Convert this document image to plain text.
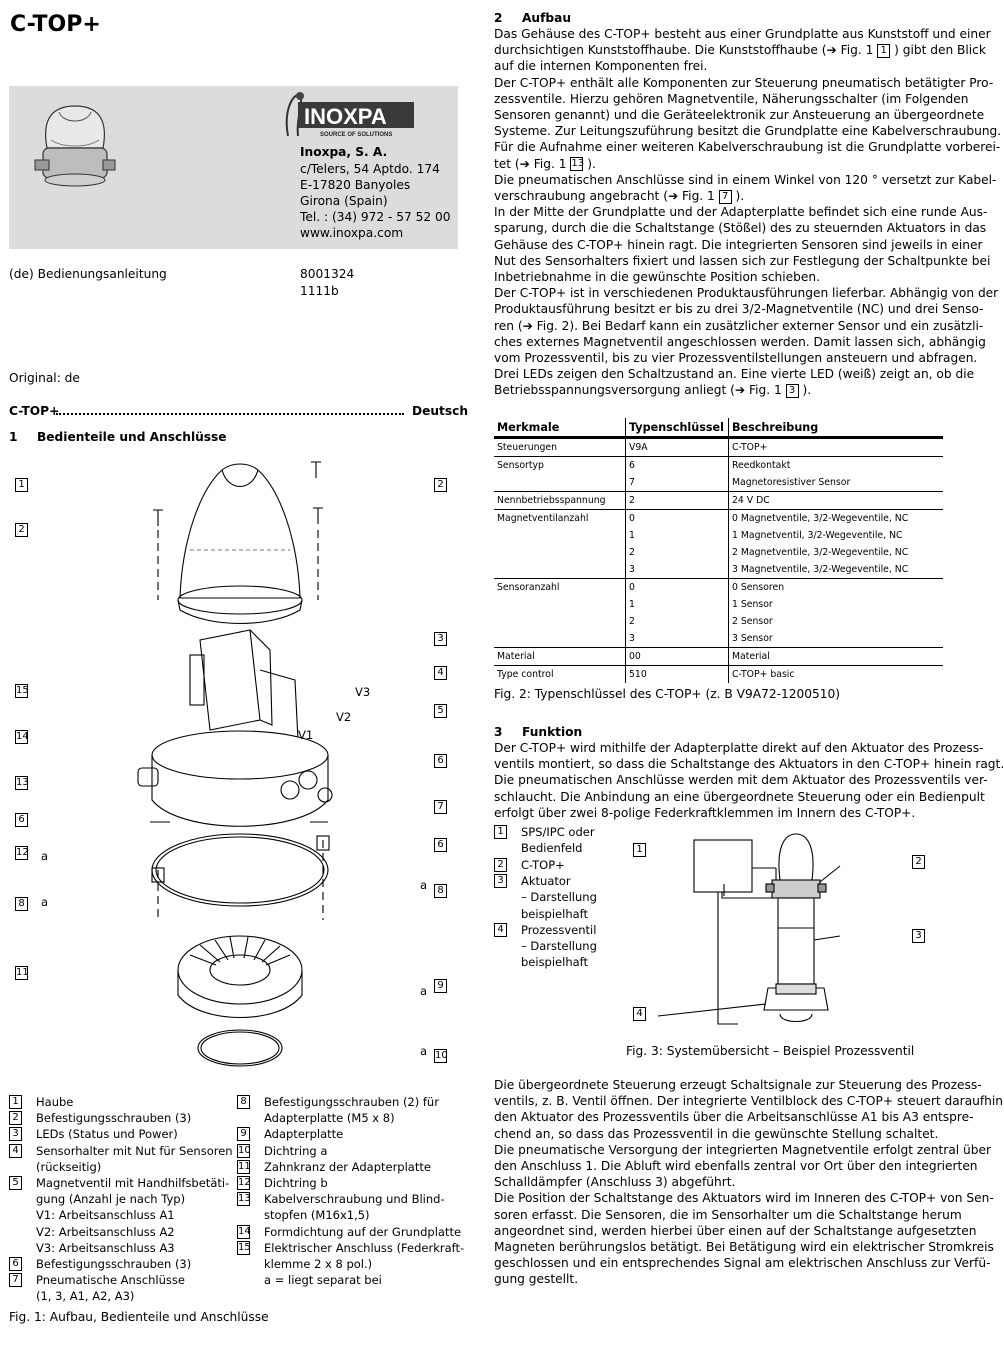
C-TOP+
INOXPA
SOURCE OF SOLUTIONS
Inoxpa, S. A.
c/Telers, 54 Aptdo. 174
E-17820 Banyoles
Girona (Spain)
Tel. : (34) 972 - 57 52 00
www.inoxpa.com
(de) Bedienungsanleitung	8001324
1111b
Original: de
C-TOP+	Deutsch
1 Bedienteile und Anschlüsse
1
2
15
14
13
6
12
8
11
a
a
2
3
4
5
6
7
6
8
9
10
a
a
a
V3
V2
V1
1 Haube
2 Befestigungsschrauben (3)
3 LEDs (Status und Power)
4 Sensorhalter mit Nut für Sensoren
(rückseitig)
5 Magnetventil mit Handhilfsbetäti-
gung (Anzahl je nach Typ)
V1: Arbeitsanschluss A1
V2: Arbeitsanschluss A2
V3: Arbeitsanschluss A3
6 Befestigungsschrauben (3)
7 Pneumatische Anschlüsse
(1, 3, A1, A2, A3)
8 Befestigungsschrauben (2) für
Adapterplatte (M5 x 8)
9 Adapterplatte
10 Dichtring a
11 Zahnkranz der Adapterplatte
12 Dichtring b
13 Kabelverschraubung und Blind-
stopfen (M16x1,5)
14 Formdichtung auf der Grundplatte
15 Elektrischer Anschluss (Federkraft-
klemme 2 x 8 pol.)
a = liegt separat bei
Fig. 1: Aufbau, Bedienteile und Anschlüsse
2 Aufbau
Das Gehäuse des C-TOP+ besteht aus einer Grundplatte aus Kunststoff und einer
durchsichtigen Kunststoffhaube. Die Kunststoffhaube (➔ Fig. 1 1 ) gibt den Blick
auf die internen Komponenten frei.
Der C-TOP+ enthält alle Komponenten zur Steuerung pneumatisch betätigter Pro-
zessventile. Hierzu gehören Magnetventile, Näherungsschalter (im Folgenden
Sensoren genannt) und die Geräteelektronik zur Ansteuerung an übergeordnete
Systeme. Zur Leitungszuführung besitzt die Grundplatte eine Kabelverschraubung.
Für die Aufnahme einer weiteren Kabelverschraubung ist die Grundplatte vorberei-
tet (➔ Fig. 1 13 ).
Die pneumatischen Anschlüsse sind in einem Winkel von 120 ° versetzt zur Kabel-
verschraubung angebracht (➔ Fig. 1 7 ).
In der Mitte der Grundplatte und der Adapterplatte befindet sich eine runde Aus-
sparung, durch die die Schaltstange (Stößel) des zu steuernden Aktuators in das
Gehäuse des C-TOP+ hinein ragt. Die integrierten Sensoren sind jeweils in einer
Nut des Sensorhalters fixiert und lassen sich zur Festlegung der Schaltpunkte bei
Inbetriebnahme in die gewünschte Position schieben.
Der C-TOP+ ist in verschiedenen Produktausführungen lieferbar. Abhängig von der
Produktausführung besitzt er bis zu drei 3/2-Magnetventile (NC) und drei Senso-
ren (➔ Fig. 2). Bei Bedarf kann ein zusätzlicher externer Sensor und ein zusätzli-
ches externes Magnetventil angeschlossen werden. Damit lassen sich, abhängig
vom Prozessventil, bis zu vier Prozessventilstellungen ansteuern und abfragen.
Drei LEDs zeigen den Schaltzustand an. Eine vierte LED (weiß) zeigt an, ob die
Betriebsspannungsversorgung anliegt (➔ Fig. 1 3 ).
Merkmale	Typenschlüssel	Beschreibung
Steuerungen	V9A	C-TOP+
Sensortyp	6	Reedkontakt
	7	Magnetoresistiver Sensor
Nennbetriebsspannung	2	24 V DC
Magnetventilanzahl	0	0 Magnetventile, 3/2-Wegeventile, NC
	1	1 Magnetventil, 3/2-Wegeventile, NC
	2	2 Magnetventile, 3/2-Wegeventile, NC
	3	3 Magnetventile, 3/2-Wegeventile, NC
Sensoranzahl	0	0 Sensoren
	1	1 Sensor
	2	2 Sensor
	3	3 Sensor
Material	00	Material
Type control	510	C-TOP+ basic
Fig. 2: Typenschlüssel des C-TOP+ (z. B V9A72-1200510)
3 Funktion
Der C-TOP+ wird mithilfe der Adapterplatte direkt auf den Aktuator des Prozess-
ventils montiert, so dass die Schaltstange des Aktuators in den C-TOP+ hinein ragt.
Die pneumatischen Anschlüsse werden mit dem Aktuator des Prozessventils ver-
schlaucht. Die Anbindung an eine übergeordnete Steuerung oder ein Bedienpult
erfolgt über zwei 8-polige Federkraftklemmen im Innern des C-TOP+.
1 SPS/IPC oder
Bedienfeld
2 C-TOP+
3 Aktuator
– Darstellung
beispielhaft
4 Prozessventil
– Darstellung
beispielhaft
1
2
3
4
Fig. 3: Systemübersicht – Beispiel Prozessventil
Die übergeordnete Steuerung erzeugt Schaltsignale zur Steuerung des Prozess-
ventils, z. B. Ventil öffnen. Der integrierte Ventilblock des C-TOP+ steuert daraufhin
den Aktuator des Prozessventils über die Arbeitsanschlüsse A1 bis A3 entspre-
chend an, so dass das Prozessventil in die gewünschte Stellung schaltet.
Die pneumatische Versorgung der integrierten Magnetventile erfolgt zentral über
den Anschluss 1. Die Abluft wird ebenfalls zentral vor Ort über den integrierten
Schalldämpfer (Anschluss 3) abgeführt.
Die Position der Schaltstange des Aktuators wird im Inneren des C-TOP+ von Sen-
soren erfasst. Die Sensoren, die im Sensorhalter um die Schaltstange herum
angeordnet sind, werden hierbei über einen auf der Schaltstange aufgesetzten
Magneten berührungslos betätigt. Bei Betätigung wird ein elektrischer Stromkreis
geschlossen und ein entsprechendes Signal am elektrischen Anschluss zur Verfü-
gung gestellt.
